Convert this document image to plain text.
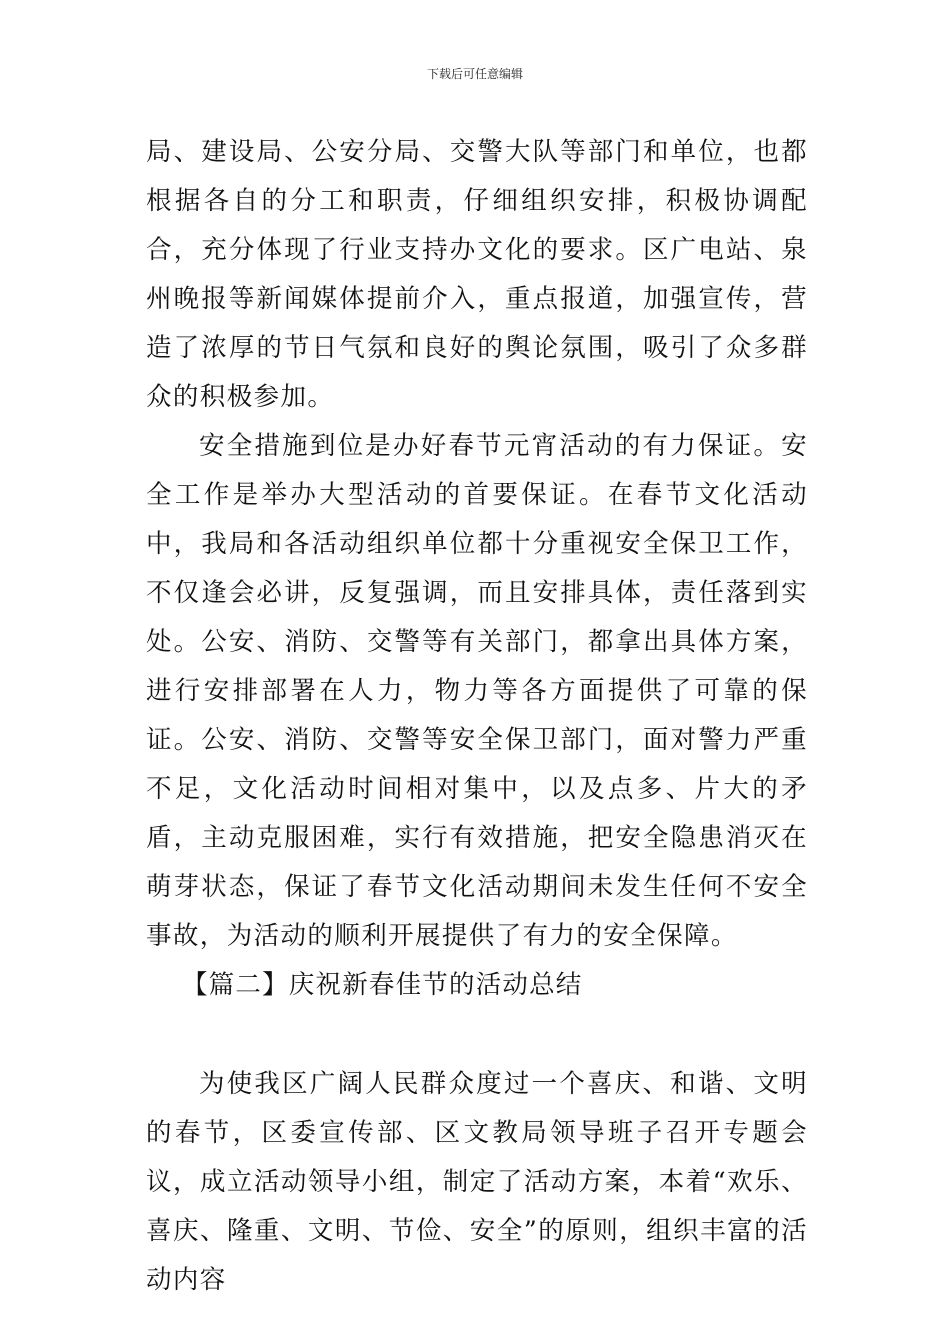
下载后可任意编辑

局、建设局、公安分局、交警大队等部门和单位，也都根据各自的分工和职责，仔细组织安排，积极协调配合，充分体现了行业支持办文化的要求。区广电站、泉州晚报等新闻媒体提前介入，重点报道，加强宣传，营造了浓厚的节日气氛和良好的舆论氛围，吸引了众多群众的积极参加。

安全措施到位是办好春节元宵活动的有力保证。安全工作是举办大型活动的首要保证。在春节文化活动中，我局和各活动组织单位都十分重视安全保卫工作，不仅逢会必讲，反复强调，而且安排具体，责任落到实处。公安、消防、交警等有关部门，都拿出具体方案，进行安排部署在人力，物力等各方面提供了可靠的保证。公安、消防、交警等安全保卫部门，面对警力严重不足，文化活动时间相对集中，以及点多、片大的矛盾，主动克服困难，实行有效措施，把安全隐患消灭在萌芽状态，保证了春节文化活动期间未发生任何不安全事故，为活动的顺利开展提供了有力的安全保障。

【篇二】庆祝新春佳节的活动总结

为使我区广阔人民群众度过一个喜庆、和谐、文明的春节，区委宣传部、区文教局领导班子召开专题会议，成立活动领导小组，制定了活动方案，本着“欢乐、喜庆、隆重、文明、节俭、安全”的原则，组织丰富的活动内容
